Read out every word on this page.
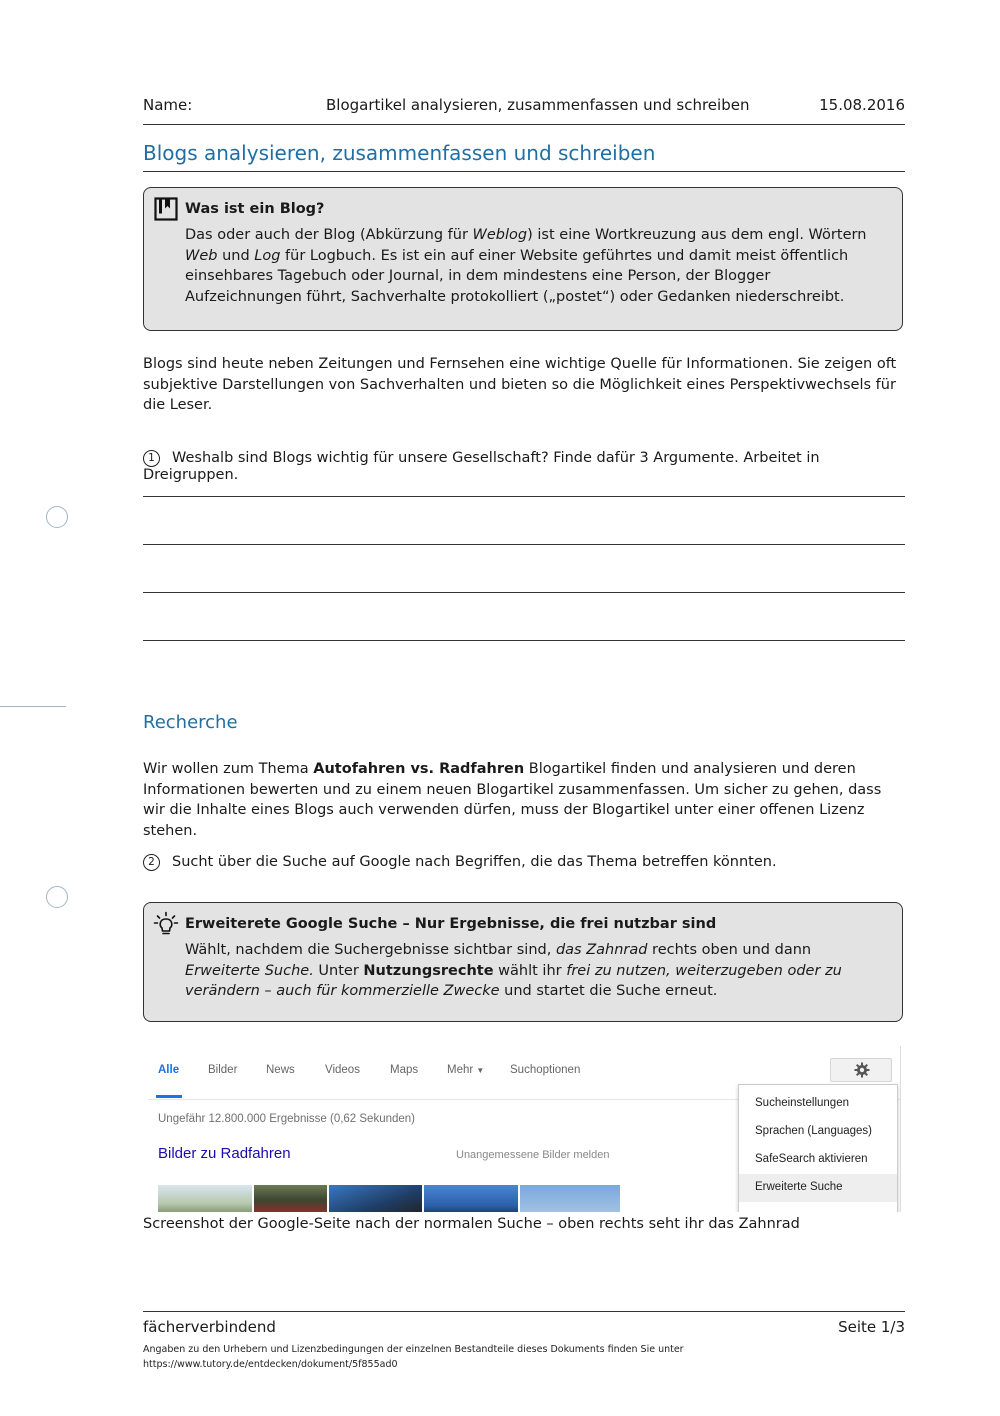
Name:	Blogartikel analysieren, zusammenfassen und schreiben	15.08.2016
Blogs analysieren, zusammenfassen und schreiben
Was ist ein Blog?
Das oder auch der Blog (Abkürzung für Weblog) ist eine Wortkreuzung aus dem engl. Wörtern Web und Log für Logbuch. Es ist ein auf einer Website geführtes und damit meist öffentlich einsehbares Tagebuch oder Journal, in dem mindestens eine Person, der Blogger Aufzeichnungen führt, Sachverhalte protokolliert („postet“) oder Gedanken niederschreibt.
Blogs sind heute neben Zeitungen und Fernsehen eine wichtige Quelle für Informationen. Sie zeigen oft subjektive Darstellungen von Sachverhalten und bieten so die Möglichkeit eines Perspektivwechsels für die Leser.
1 Weshalb sind Blogs wichtig für unsere Gesellschaft? Finde dafür 3 Argumente. Arbeitet in Dreigruppen.
Recherche
Wir wollen zum Thema Autofahren vs. Radfahren Blogartikel finden und analysieren und deren Informationen bewerten und zu einem neuen Blogartikel zusammenfassen. Um sicher zu gehen, dass wir die Inhalte eines Blogs auch verwenden dürfen, muss der Blogartikel unter einer offenen Lizenz stehen.
2 Sucht über die Suche auf Google nach Begriffen, die das Thema betreffen könnten.
Erweiterete Google Suche – Nur Ergebnisse, die frei nutzbar sind
Wählt, nachdem die Suchergebnisse sichtbar sind, das Zahnrad rechts oben und dann Erweiterte Suche. Unter Nutzungsrechte wählt ihr frei zu nutzen, weiterzugeben oder zu verändern – auch für kommerzielle Zwecke und startet die Suche erneut.
Alle	Bilder News	Videos	Maps	Mehr ▼ Suchoptionen
Ungefähr 12.800.000 Ergebnisse (0,62 Sekunden)
Bilder zu Radfahren	Unangemessene Bilder melden
Sucheinstellungen
Sprachen (Languages)
SafeSearch aktivieren
Erweiterte Suche
Screenshot der Google-Seite nach der normalen Suche – oben rechts seht ihr das Zahnrad
fächerverbindend	Seite 1/3
Angaben zu den Urhebern und Lizenzbedingungen der einzelnen Bestandteile dieses Dokuments finden Sie unter
https://www.tutory.de/entdecken/dokument/5f855ad0
